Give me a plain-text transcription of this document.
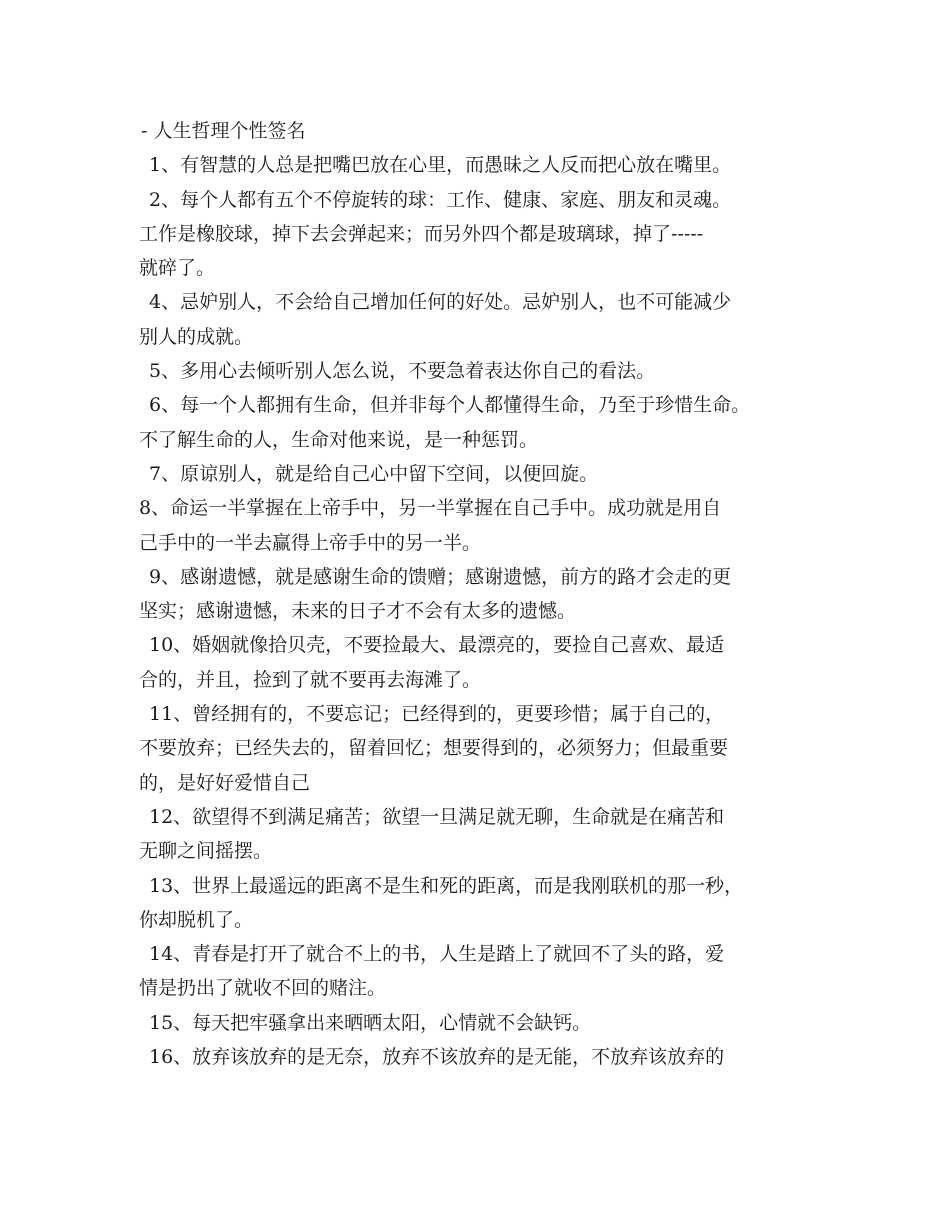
- 人生哲理个性签名
1、有智慧的人总是把嘴巴放在心里，而愚昧之人反而把心放在嘴里。
2、每个人都有五个不停旋转的球：工作、健康、家庭、朋友和灵魂。
工作是橡胶球，掉下去会弹起来；而另外四个都是玻璃球，掉了-----
就碎了。
4、忌妒别人，不会给自己增加任何的好处。忌妒别人，也不可能减少
别人的成就。
5、多用心去倾听别人怎么说，不要急着表达你自己的看法。
6、每一个人都拥有生命，但并非每个人都懂得生命，乃至于珍惜生命。
不了解生命的人，生命对他来说，是一种惩罚。
7、原谅别人，就是给自己心中留下空间，以便回旋。
8、命运一半掌握在上帝手中，另一半掌握在自己手中。成功就是用自
己手中的一半去赢得上帝手中的另一半。
9、感谢遗憾，就是感谢生命的馈赠；感谢遗憾，前方的路才会走的更
坚实；感谢遗憾，未来的日子才不会有太多的遗憾。
10、婚姻就像拾贝壳，不要捡最大、最漂亮的，要捡自己喜欢、最适
合的，并且，捡到了就不要再去海滩了。
11、曾经拥有的，不要忘记；已经得到的，更要珍惜；属于自己的，
不要放弃；已经失去的，留着回忆；想要得到的，必须努力；但最重要
的，是好好爱惜自己
12、欲望得不到满足痛苦；欲望一旦满足就无聊，生命就是在痛苦和
无聊之间摇摆。
13、世界上最遥远的距离不是生和死的距离，而是我刚联机的那一秒，
你却脱机了。
14、青春是打开了就合不上的书，人生是踏上了就回不了头的路，爱
情是扔出了就收不回的赌注。
15、每天把牢骚拿出来晒晒太阳，心情就不会缺钙。
16、放弃该放弃的是无奈，放弃不该放弃的是无能，不放弃该放弃的
